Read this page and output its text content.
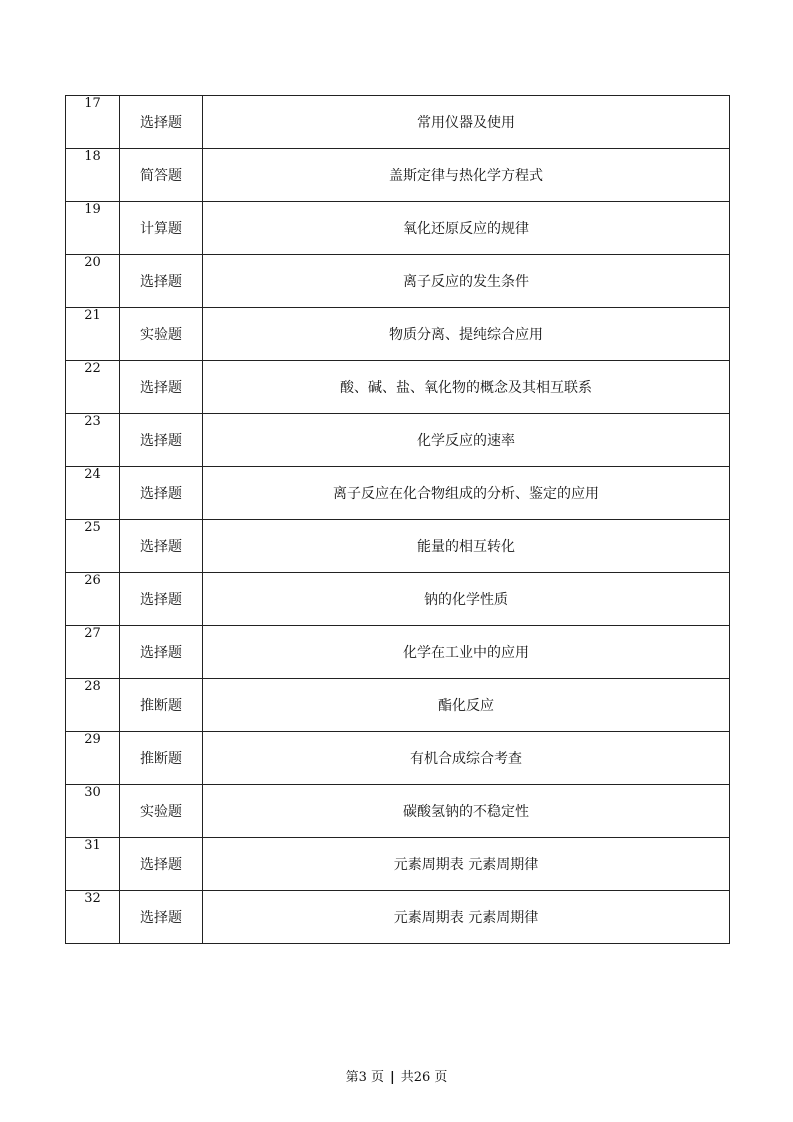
17	选择题	常用仪器及使用
18	简答题	盖斯定律与热化学方程式
19	计算题	氧化还原反应的规律
20	选择题	离子反应的发生条件
21	实验题	物质分离、提纯综合应用
22	选择题	酸、碱、盐、氧化物的概念及其相互联系
23	选择题	化学反应的速率
24	选择题	离子反应在化合物组成的分析、鉴定的应用
25	选择题	能量的相互转化
26	选择题	钠的化学性质
27	选择题	化学在工业中的应用
28	推断题	酯化反应
29	推断题	有机合成综合考查
30	实验题	碳酸氢钠的不稳定性
31	选择题	元素周期表 元素周期律
32	选择题	元素周期表 元素周期律
第3 页 | 共26 页
